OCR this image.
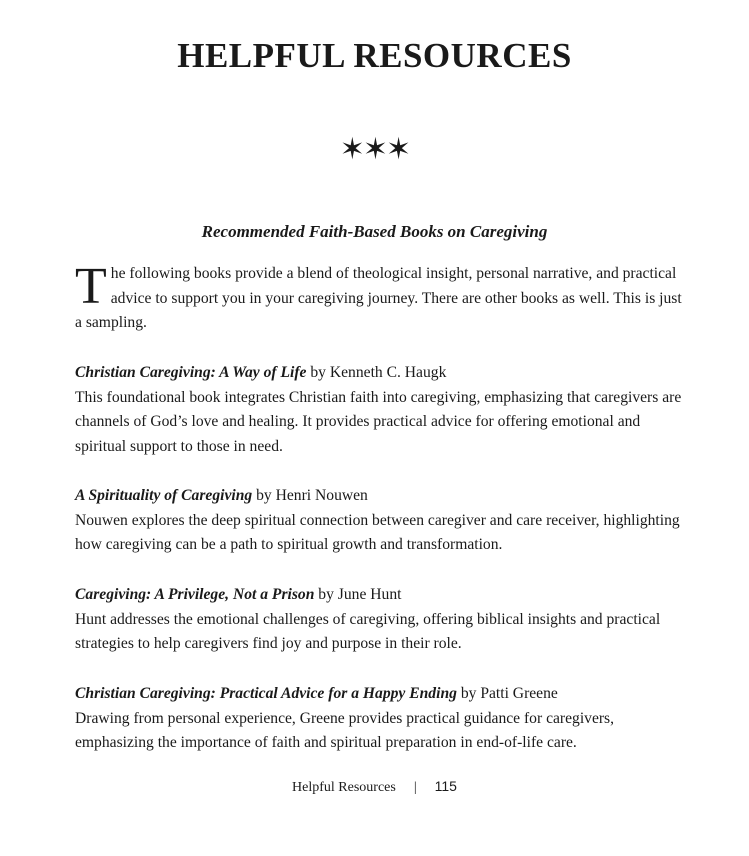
HELPFUL RESOURCES
✶✶✶
Recommended Faith-Based Books on Caregiving
The following books provide a blend of theological insight, personal narrative, and practical advice to support you in your caregiving journey. There are other books as well. This is just a sampling.

Christian Caregiving: A Way of Life by Kenneth C. Haugk

This foundational book integrates Christian faith into caregiving, emphasizing that caregivers are channels of God’s love and healing. It provides practical advice for offering emotional and spiritual support to those in need.

A Spirituality of Caregiving by Henri Nouwen

Nouwen explores the deep spiritual connection between caregiver and care receiver, highlighting how caregiving can be a path to spiritual growth and transformation.

Caregiving: A Privilege, Not a Prison by June Hunt

Hunt addresses the emotional challenges of caregiving, offering biblical insights and practical strategies to help caregivers find joy and purpose in their role.

Christian Caregiving: Practical Advice for a Happy Ending by Patti Greene

Drawing from personal experience, Greene provides practical guidance for caregivers, emphasizing the importance of faith and spiritual preparation in end-of-life care.

Helpful Resources | 115
